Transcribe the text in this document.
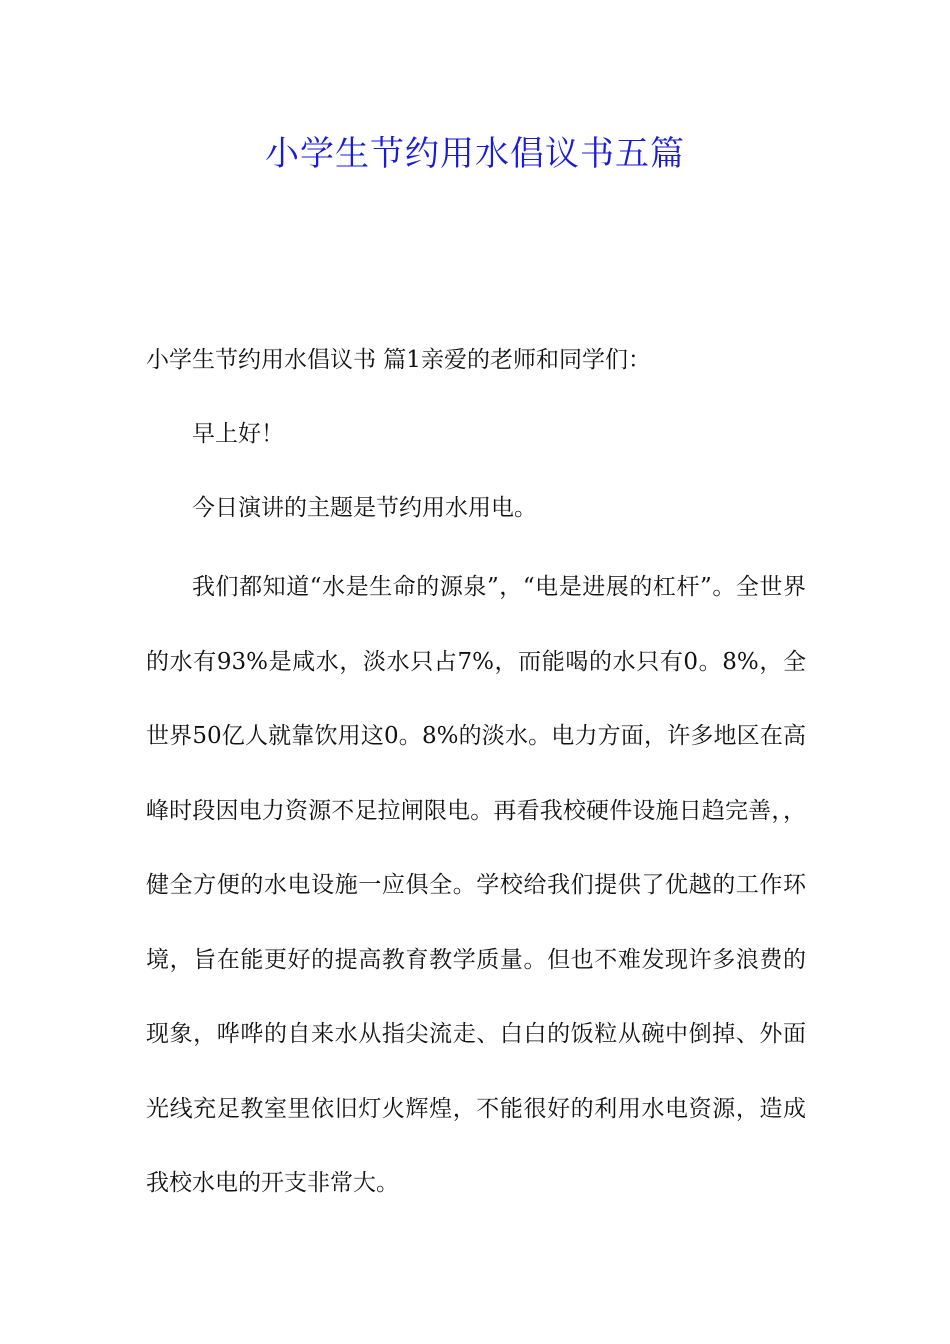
小学生节约用水倡议书五篇

小学生节约用水倡议书 篇1亲爱的老师和同学们：

早上好！

今日演讲的主题是节约用水用电。

我们都知道“水是生命的源泉”，“电是进展的杠杆”。全世界的水有93%是咸水，淡水只占7%，而能喝的水只有0。8%，全世界50亿人就靠饮用这0。8%的淡水。电力方面，许多地区在高峰时段因电力资源不足拉闸限电。再看我校硬件设施日趋完善，，健全方便的水电设施一应俱全。学校给我们提供了优越的工作环境，旨在能更好的提高教育教学质量。但也不难发现许多浪费的现象，哗哗的自来水从指尖流走、白白的饭粒从碗中倒掉、外面光线充足教室里依旧灯火辉煌，不能很好的利用水电资源，造成我校水电的开支非常大。
